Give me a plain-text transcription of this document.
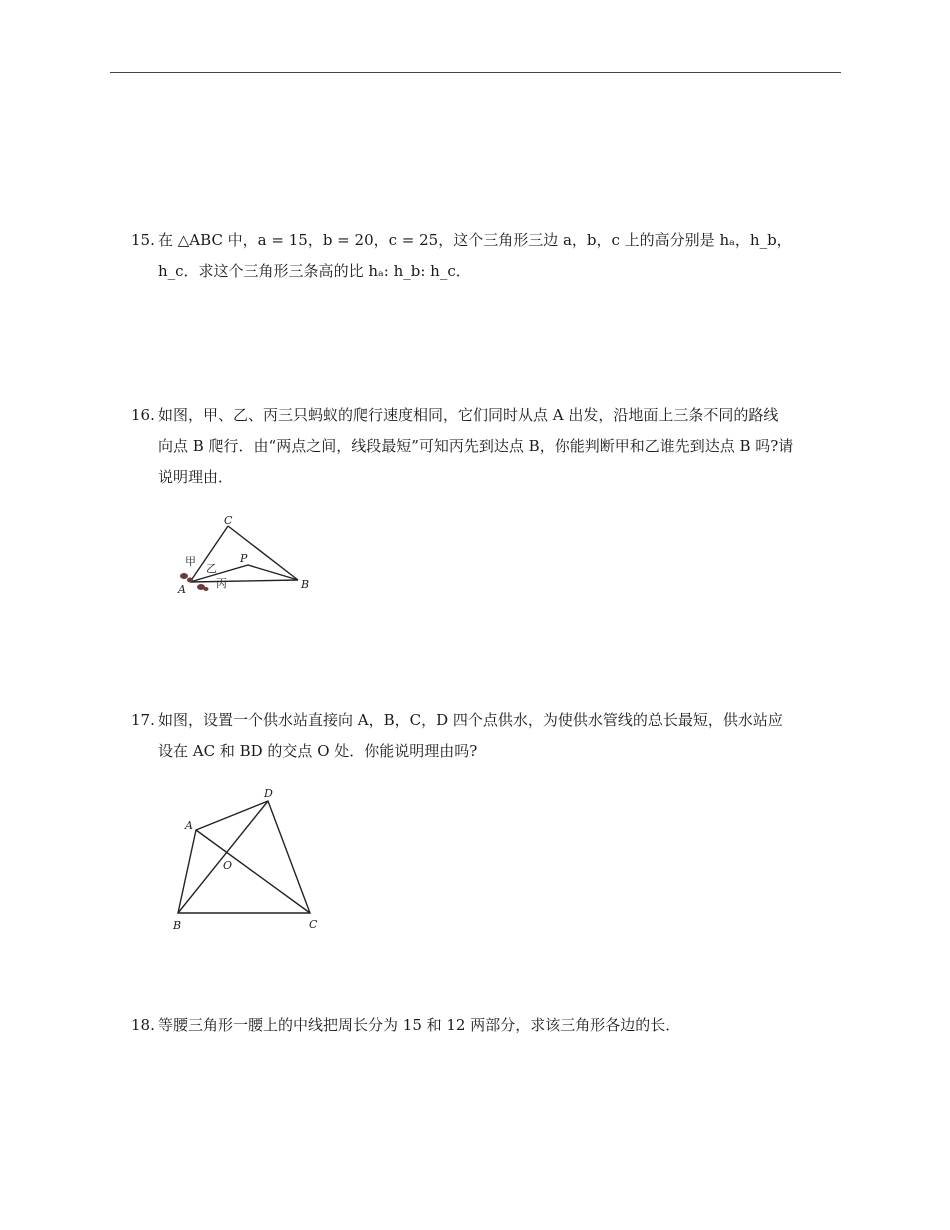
15. 在 △ABC 中，a = 15，b = 20，c = 25，这个三角形三边 a，b，c 上的高分别是 hₐ，h_b，
h_c．求这个三角形三条高的比 hₐ: h_b: h_c．
16. 如图，甲、乙、丙三只蚂蚁的爬行速度相同，它们同时从点 A 出发，沿地面上三条不同的路线
向点 B 爬行．由“两点之间，线段最短”可知丙先到达点 B，你能判断甲和乙谁先到达点 B 吗?请
说明理由．
C
P
A	B
甲
乙
丙
17. 如图，设置一个供水站直接向 A，B，C，D 四个点供水，为使供水管线的总长最短，供水站应
设在 AC 和 BD 的交点 O 处．你能说明理由吗?
A
D
O
B	C
18. 等腰三角形一腰上的中线把周长分为 15 和 12 两部分，求该三角形各边的长．
